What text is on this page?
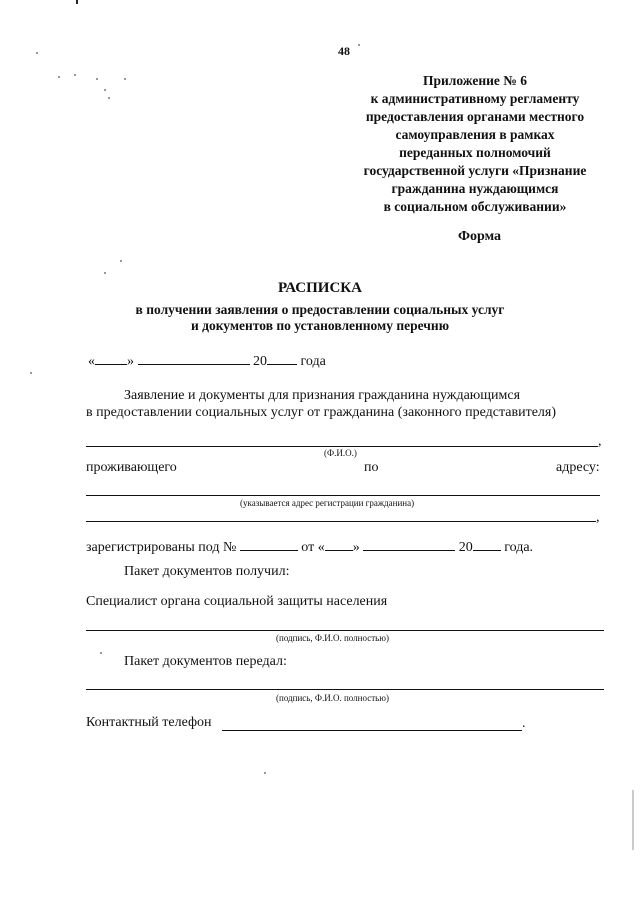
48
Приложение № 6
к административному регламенту
предоставления органами местного
самоуправления в рамках
переданных полномочий
государственной услуги «Признание
гражданина нуждающимся
в социальном обслуживании»
Форма
РАСПИСКА
в получении заявления о предоставлении социальных услуг
и документов по установленному перечню
« »	20 года
Заявление и документы для признания гражданина нуждающимся
в предоставлении социальных услуг от гражданина (законного представителя)
,
(Ф.И.О.)
проживающего	по	адресу:
(указывается адрес регистрации гражданина)
,
зарегистрированы под №	от « »	20 года.
Пакет документов получил:
Специалист органа социальной защиты населения
(подпись, Ф.И.О. полностью)
Пакет документов передал:
(подпись, Ф.И.О. полностью)
Контактный телефон	.
